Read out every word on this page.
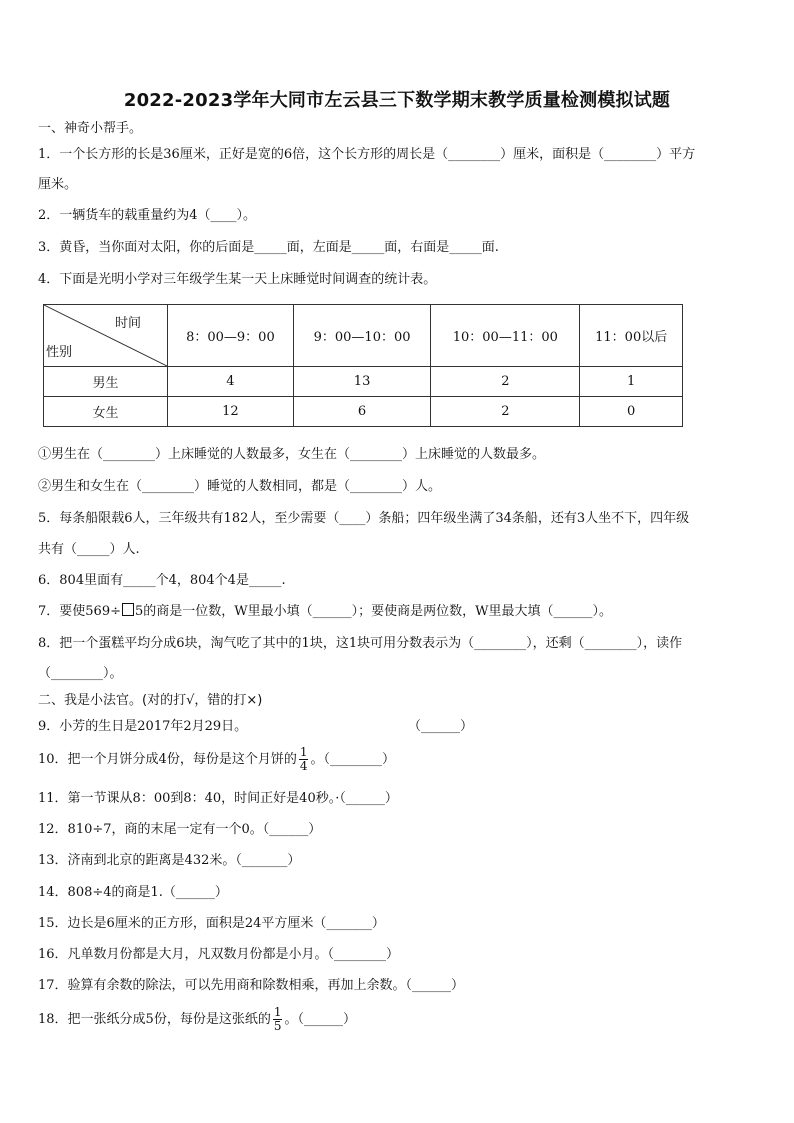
2022-2023学年大同市左云县三下数学期末教学质量检测模拟试题
一、神奇小帮手。
1．一个长方形的长是36厘米，正好是宽的6倍，这个长方形的周长是（________）厘米，面积是（________）平方
厘米。
2．一辆货车的载重量约为4（____）。
3．黄昏，当你面对太阳，你的后面是_____面，左面是_____面，右面是_____面.
4．下面是光明小学对三年级学生某一天上床睡觉时间调查的统计表。
时间
性别	8：00—9：00	9：00—10：00	10：00—11：00	11：00以后
男生	4	13	2	1
女生	12	6	2	0
①男生在（________）上床睡觉的人数最多，女生在（________）上床睡觉的人数最多。
②男生和女生在（________）睡觉的人数相同，都是（________）人。
5．每条船限载6人，三年级共有182人，至少需要（____）条船；四年级坐满了34条船，还有3人坐不下，四年级
共有（_____）人.
6．804里面有_____个4，804个4是_____.
7．要使569÷ 5的商是一位数，W里最小填（______）；要使商是两位数，W里最大填（______）。
8．把一个蛋糕平均分成6块，淘气吃了其中的1块，这1块可用分数表示为（________），还剩（________），读作
（________）。
二、我是小法官。(对的打√，错的打×)
9．小芳的生日是2017年2月29日。	（______）
10．把一个月饼分成4份，每份是这个月饼的 $\frac{1}{4}$ 。（________）
11．第一节课从8：00到8：40，时间正好是40秒。·（______）
12．810÷7，商的末尾一定有一个0。（______）
13．济南到北京的距离是432米。（_______）
14．808÷4的商是1.（______）
15．边长是6厘米的正方形，面积是24平方厘米（_______）
16．凡单数月份都是大月，凡双数月份都是小月。（________）
17．验算有余数的除法，可以先用商和除数相乘，再加上余数。（______）
18．把一张纸分成5份，每份是这张纸的 $\frac{1}{5}$ 。（______）
